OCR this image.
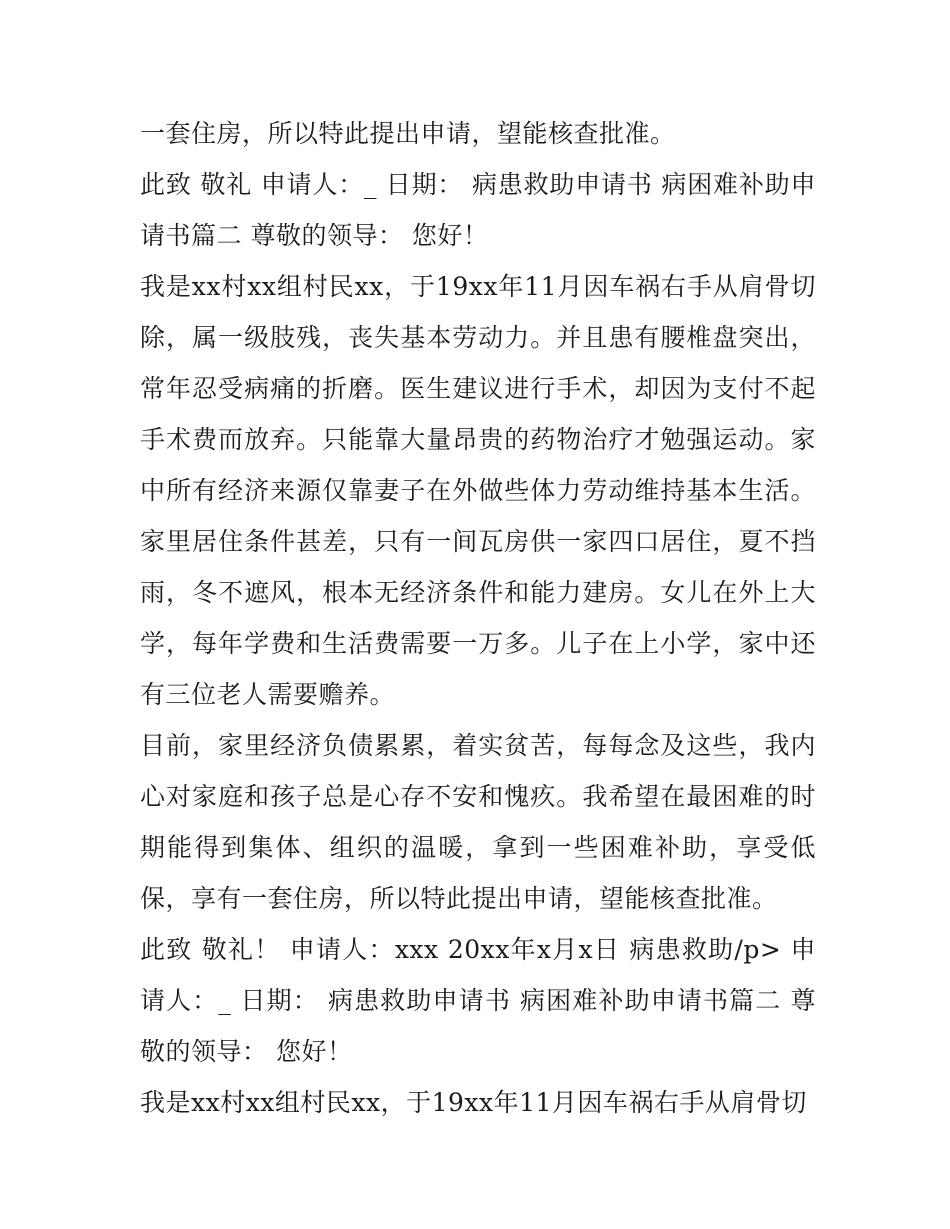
一套住房，所以特此提出申请，望能核查批准。

此致 敬礼 申请人：_ 日期： 病患救助申请书 病困难补助申请书篇二 尊敬的领导： 您好！

我是xx村xx组村民xx，于19xx年11月因车祸右手从肩骨切除，属一级肢残，丧失基本劳动力。并且患有腰椎盘突出，常年忍受病痛的折磨。医生建议进行手术，却因为支付不起手术费而放弃。只能靠大量昂贵的药物治疗才勉强运动。家中所有经济来源仅靠妻子在外做些体力劳动维持基本生活。家里居住条件甚差，只有一间瓦房供一家四口居住，夏不挡雨，冬不遮风，根本无经济条件和能力建房。女儿在外上大学，每年学费和生活费需要一万多。儿子在上小学，家中还有三位老人需要赡养。

目前，家里经济负债累累，着实贫苦，每每念及这些，我内心对家庭和孩子总是心存不安和愧疚。我希望在最困难的时期能得到集体、组织的温暖，拿到一些困难补助，享受低保，享有一套住房，所以特此提出申请，望能核查批准。

此致 敬礼！ 申请人：xxx 20xx年x月x日 病患救助/p> 申请人：_ 日期： 病患救助申请书 病困难补助申请书篇二 尊敬的领导： 您好！

我是xx村xx组村民xx，于19xx年11月因车祸右手从肩骨切
